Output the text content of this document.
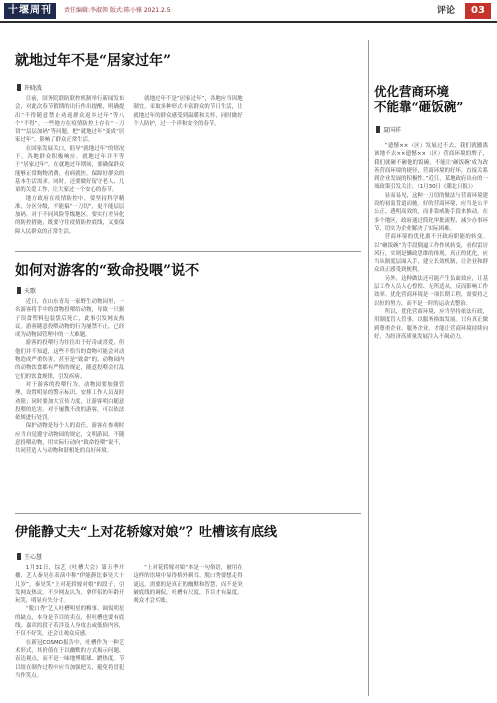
十堰周刊	责任编辑:李淑领 版式:陈小雅 2021.2.5	评论	03
就地过年不是“居家过年”
许晓波

目前，国务院联防联控机制举行新闻发布会，对此次春节假期的出行作出提醒，明确提出“不得随意禁止劝返群众返乡过年”等八个“不得”。一些地方在疫情防控上存在“一刀切”“层层加码”等问题，把“就地过年”变成“居家过年”，影响了群众正常生活。

在国家发展关口，倡导“就地过年”的情况下，各地群众积极响应。就地过年并不等于“居家过年”，在就地过年期间，要确保群众能够正常购物消费、看病就医，保障好群众的基本生活需求。同时，还要做好留守老人、儿童的关爱工作，让大家过一个安心的春节。

地方政府在疫情防控中，要坚持科学精准，分区分级，不能搞“一刀切”，更不能层层加码。对于不同风险等级地区，要实行差异化的防控措施，既要守住疫情防控底线，又要保障人民群众的正常生活。

就地过年不是“居家过年”，各地应当因地制宜，采取多种形式丰富群众的节日生活，让就地过年的群众感受到温暖和关怀，同时做好个人防护，过一个祥和安全的春节。

如何对游客的“致命投喂”说不
天歌

近日，在山东青岛一家野生动物园里，一名游客将手中的食物投喂给动物，导致一只猴子误食塑料包装袋后死亡，此事引发网友热议。游客随意投喂动物的行为屡禁不止，已经成为动物园管理中的一大难题。

游客的投喂行为往往出于好奇或喜爱，但他们并不知道，这些不恰当的食物可能会对动物造成严重伤害，甚至是“致命”的。动物园内的动物饮食都有严格的规定，随意投喂会打乱它们的饮食规律，引发疾病。

对于游客的投喂行为，动物园要加强管理，设置明显的警示标识，安排工作人员及时劝阻；同时要加大宣传力度，让游客明白随意投喂的危害。对于屡教不改的游客，可以依法依规进行处罚。

保护动物是每个人的责任。游客在参观时应当自觉遵守动物园的规定，文明游园，不随意投喂动物，用实际行动向“致命投喂”说不，共同营造人与动物和谐相处的良好环境。

伊能静丈夫“上对花轿嫁对娘”？吐槽该有底线
王心慧

1月31日，综艺《吐槽大会》第五季开播，艺人秦昊在表演中称“伊能静比秦昊大十几岁”，秦昊笑“上对花轿嫁对娘”的段子，引发网友热议。不少网友认为，拿伴侣的年龄开玩笑，明显有失分寸。

“脱口秀”艺人吐槽明星的糗事，调侃明星的缺点，本身是节目的卖点，但吐槽也要有底线。嘉宾的段子若涉及人身攻击或低俗内容，不仅不好笑，还会让观众反感。

在新冠COSMO报告中，吐槽作为一种艺术形式，其价值在于以幽默的方式揭示问题、表达观点，而不是一味地博眼球、蹭热度。节目组在制作过程中应当加强把关，避免将冒犯当作笑点。

“上对花轿嫁对娘”本是一句俗语，被用在这样的语境中显得格外刺耳。脱口秀要想走得更远，需要的是真正的幽默和智慧，而不是突破底线的调侃。吐槽有尺度，节目才有温度，观众才会买账。

优化营商环境
不能靠“砸饭碗”
聂国祥

“遗憾××（区）发展过不去，我们就撤离该地不去××遗憾××（区）营商环境的牌子，我们就砸不砸他的饭碗。不能让‘砸饭碗’成为改善营商环境的捷径，营商环境的好坏，直接关系到企业发展的积极性。”近日，某地政府出台的一项政策引发关注。（1月30日《潮北日报》）

显而易见，这种一刀切的做法与营商环境建设的初衷背道而驰。好的营商环境，应当是公平公正、透明高效的，而非靠威胁手段来推动。在多个地区，政府通过简化审批流程、减少办事环节，切实为企业解决了实际困难。

营商环境的优化离不开政府职能的转变。以“砸饭碗”为手段倒逼工作作风转变，看似雷厉风行，实则是懒政思维的体现。真正的优化，应当从制度层面入手，建立长效机制，让企业和群众真正感受到便利。

另外，这种做法还可能产生负面效应，让基层工作人员人心惶惶、无所适从，反而影响工作效率。优化营商环境是一项长期工程，需要持之以恒的努力，而不是一时的运动式整治。

所以，优化营商环境，应当坚持依法行政，用制度管人管事，以服务换取发展。只有真正做到尊重企业、服务企业，才能让营商环境持续向好，为经济高质量发展注入不竭动力。
